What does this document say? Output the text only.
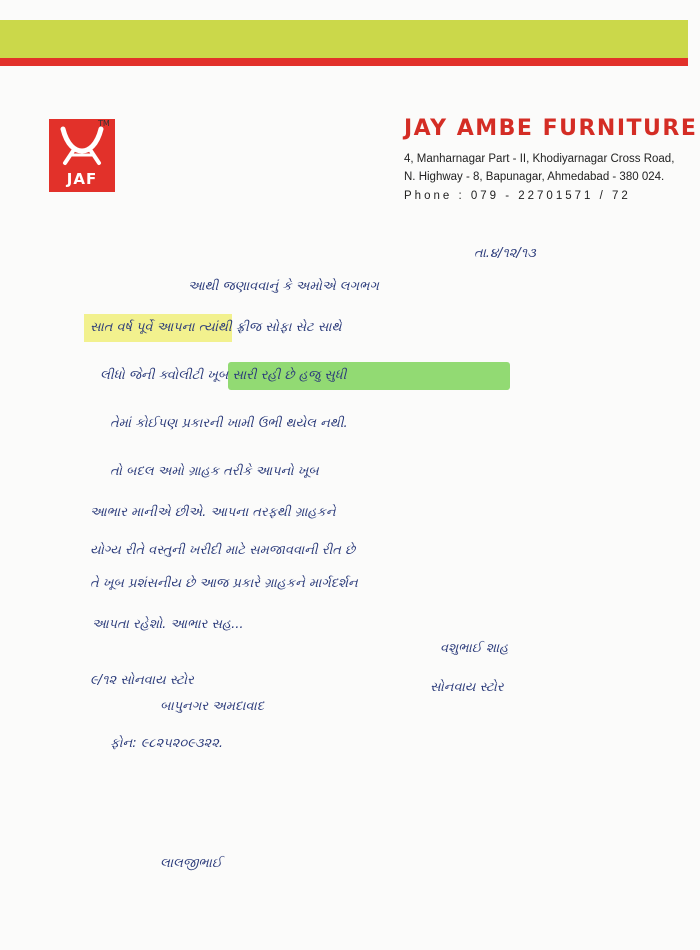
JAF
TM	JAY AMBE FURNITURE
4, Manharnagar Part - II, Khodiyarnagar Cross Road,
N. Highway - 8, Bapunagar, Ahmedabad - 380 024.
Phone : 079 - 22701571 / 72
તા.૪/૧૨/૧૩
આથી જણાવવાનું કે અમોએ લગભગ
સાત વર્ષ પૂર્વે આપના ત્યાંથી ફ્રીજ સોફા સેટ સાથે
લીધો જેની ક્વોલીટી ખૂબ સારી રહી છે હજુ સુધી
તેમાં કોઈપણ પ્રકારની ખામી ઉભી થયેલ નથી.
તો બદલ અમો ગ્રાહક તરીકે આપનો ખૂબ
આભાર માનીએ છીએ. આપના તરફથી ગ્રાહકને
યોગ્ય રીતે વસ્તુની ખરીદી માટે સમજાવવાની રીત છે
તે ખૂબ પ્રશંસનીય છે આજ પ્રકારે ગ્રાહકને માર્ગદર્શન
આપતા રહેશો. આભાર સહ...
વશુભાઈ શાહ
સોનવાય સ્ટોર
૯/૧૨ સોનવાય સ્ટોર
બાપુનગર અમદાવાદ
ફોન: ૯૮૨૫૨૦૯૩૨૨.
લાલજીભાઈ
